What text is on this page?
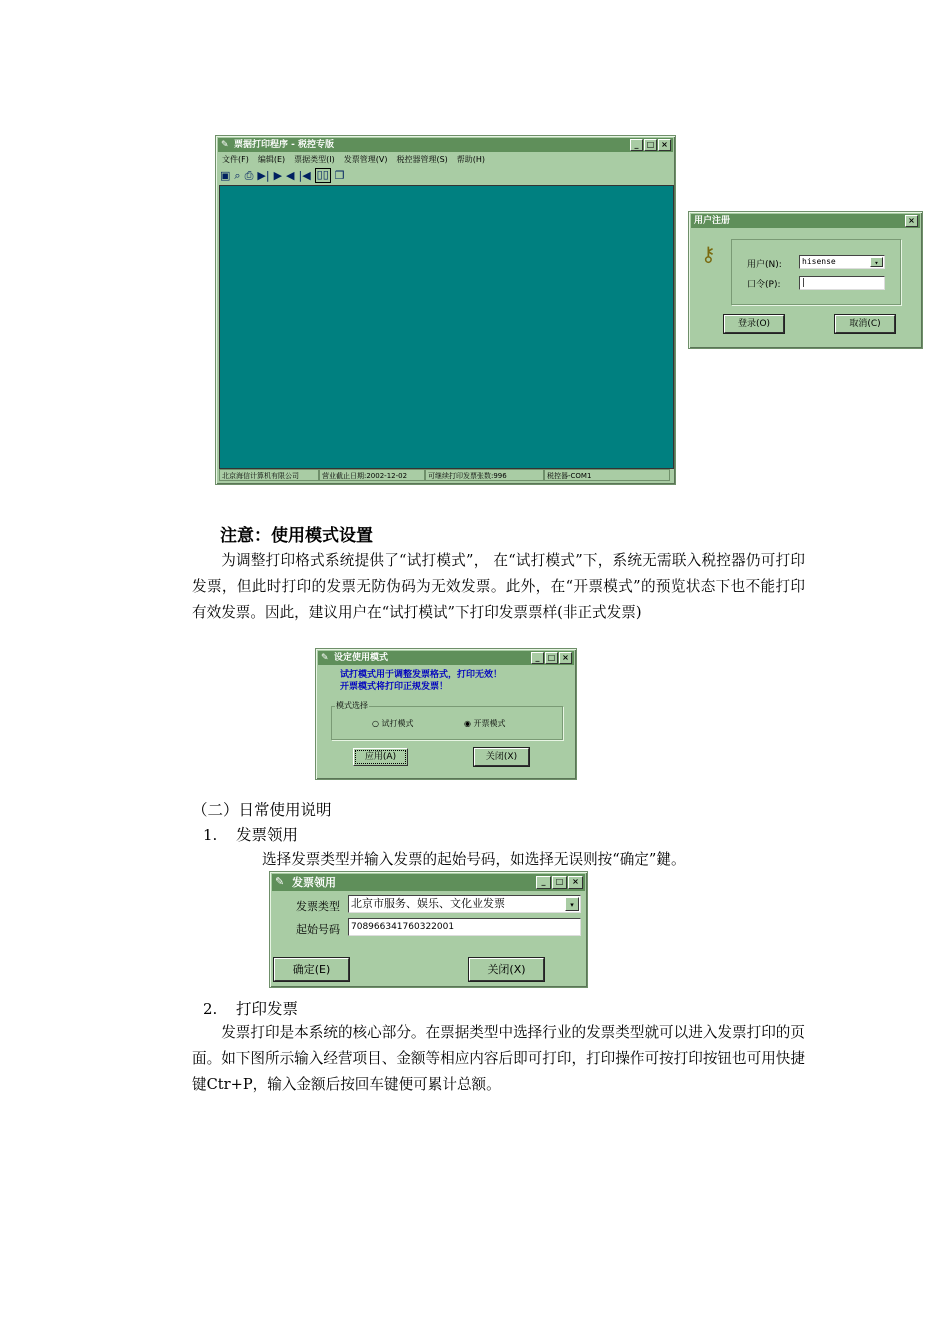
✎ 票据打印程序 - 税控专版	_	□ ×
文件(F) 编辑(E) 票据类型(I) 发票管理(V) 税控器管理(S) 帮助(H)
▣ ⌕ ⎙ ▶| ▶ ◀ |◀ ▯▯ ❐
北京海信计算机有限公司	营业截止日期:2002-12-02	可继续打印发票张数:996	税控器-COM1
用户注册	×
⚷	用户(N):	hisense	▾
口令(P):	|
登录(O)	取消(C)
注意：使用模式设置
为调整打印格式系统提供了“试打模式”， 在“试打模式”下，系统无需联入税控器仍可打印发票，但此时打印的发票无防伪码为无效发票。此外，在“开票模式”的预览状态下也不能打印有效发票。因此，建议用户在“试打模试”下打印发票票样(非正式发票)
✎ 设定使用模式	_	□ ×
试打模式用于调整发票格式，打印无效！
开票模式将打印正规发票！
模式选择
○ 试打模式	◉ 开票模式
应用(A)	关闭(X)
（二）日常使用说明
1. 发票领用
选择发票类型并输入发票的起始号码，如选择无误则按“确定”鍵。
✎ 发票领用	_	□	×
发票类型 北京市服务、娱乐、文化业发票	▾
起始号码	708966341760322001
确定(E)	关闭(X)
2. 打印发票
发票打印是本系统的核心部分。在票据类型中选择行业的发票类型就可以进入发票打印的页面。如下图所示输入经营项目、金额等相应内容后即可打印，打印操作可按打印按钮也可用快捷键Ctr+P，输入金额后按回车键便可累计总额。
